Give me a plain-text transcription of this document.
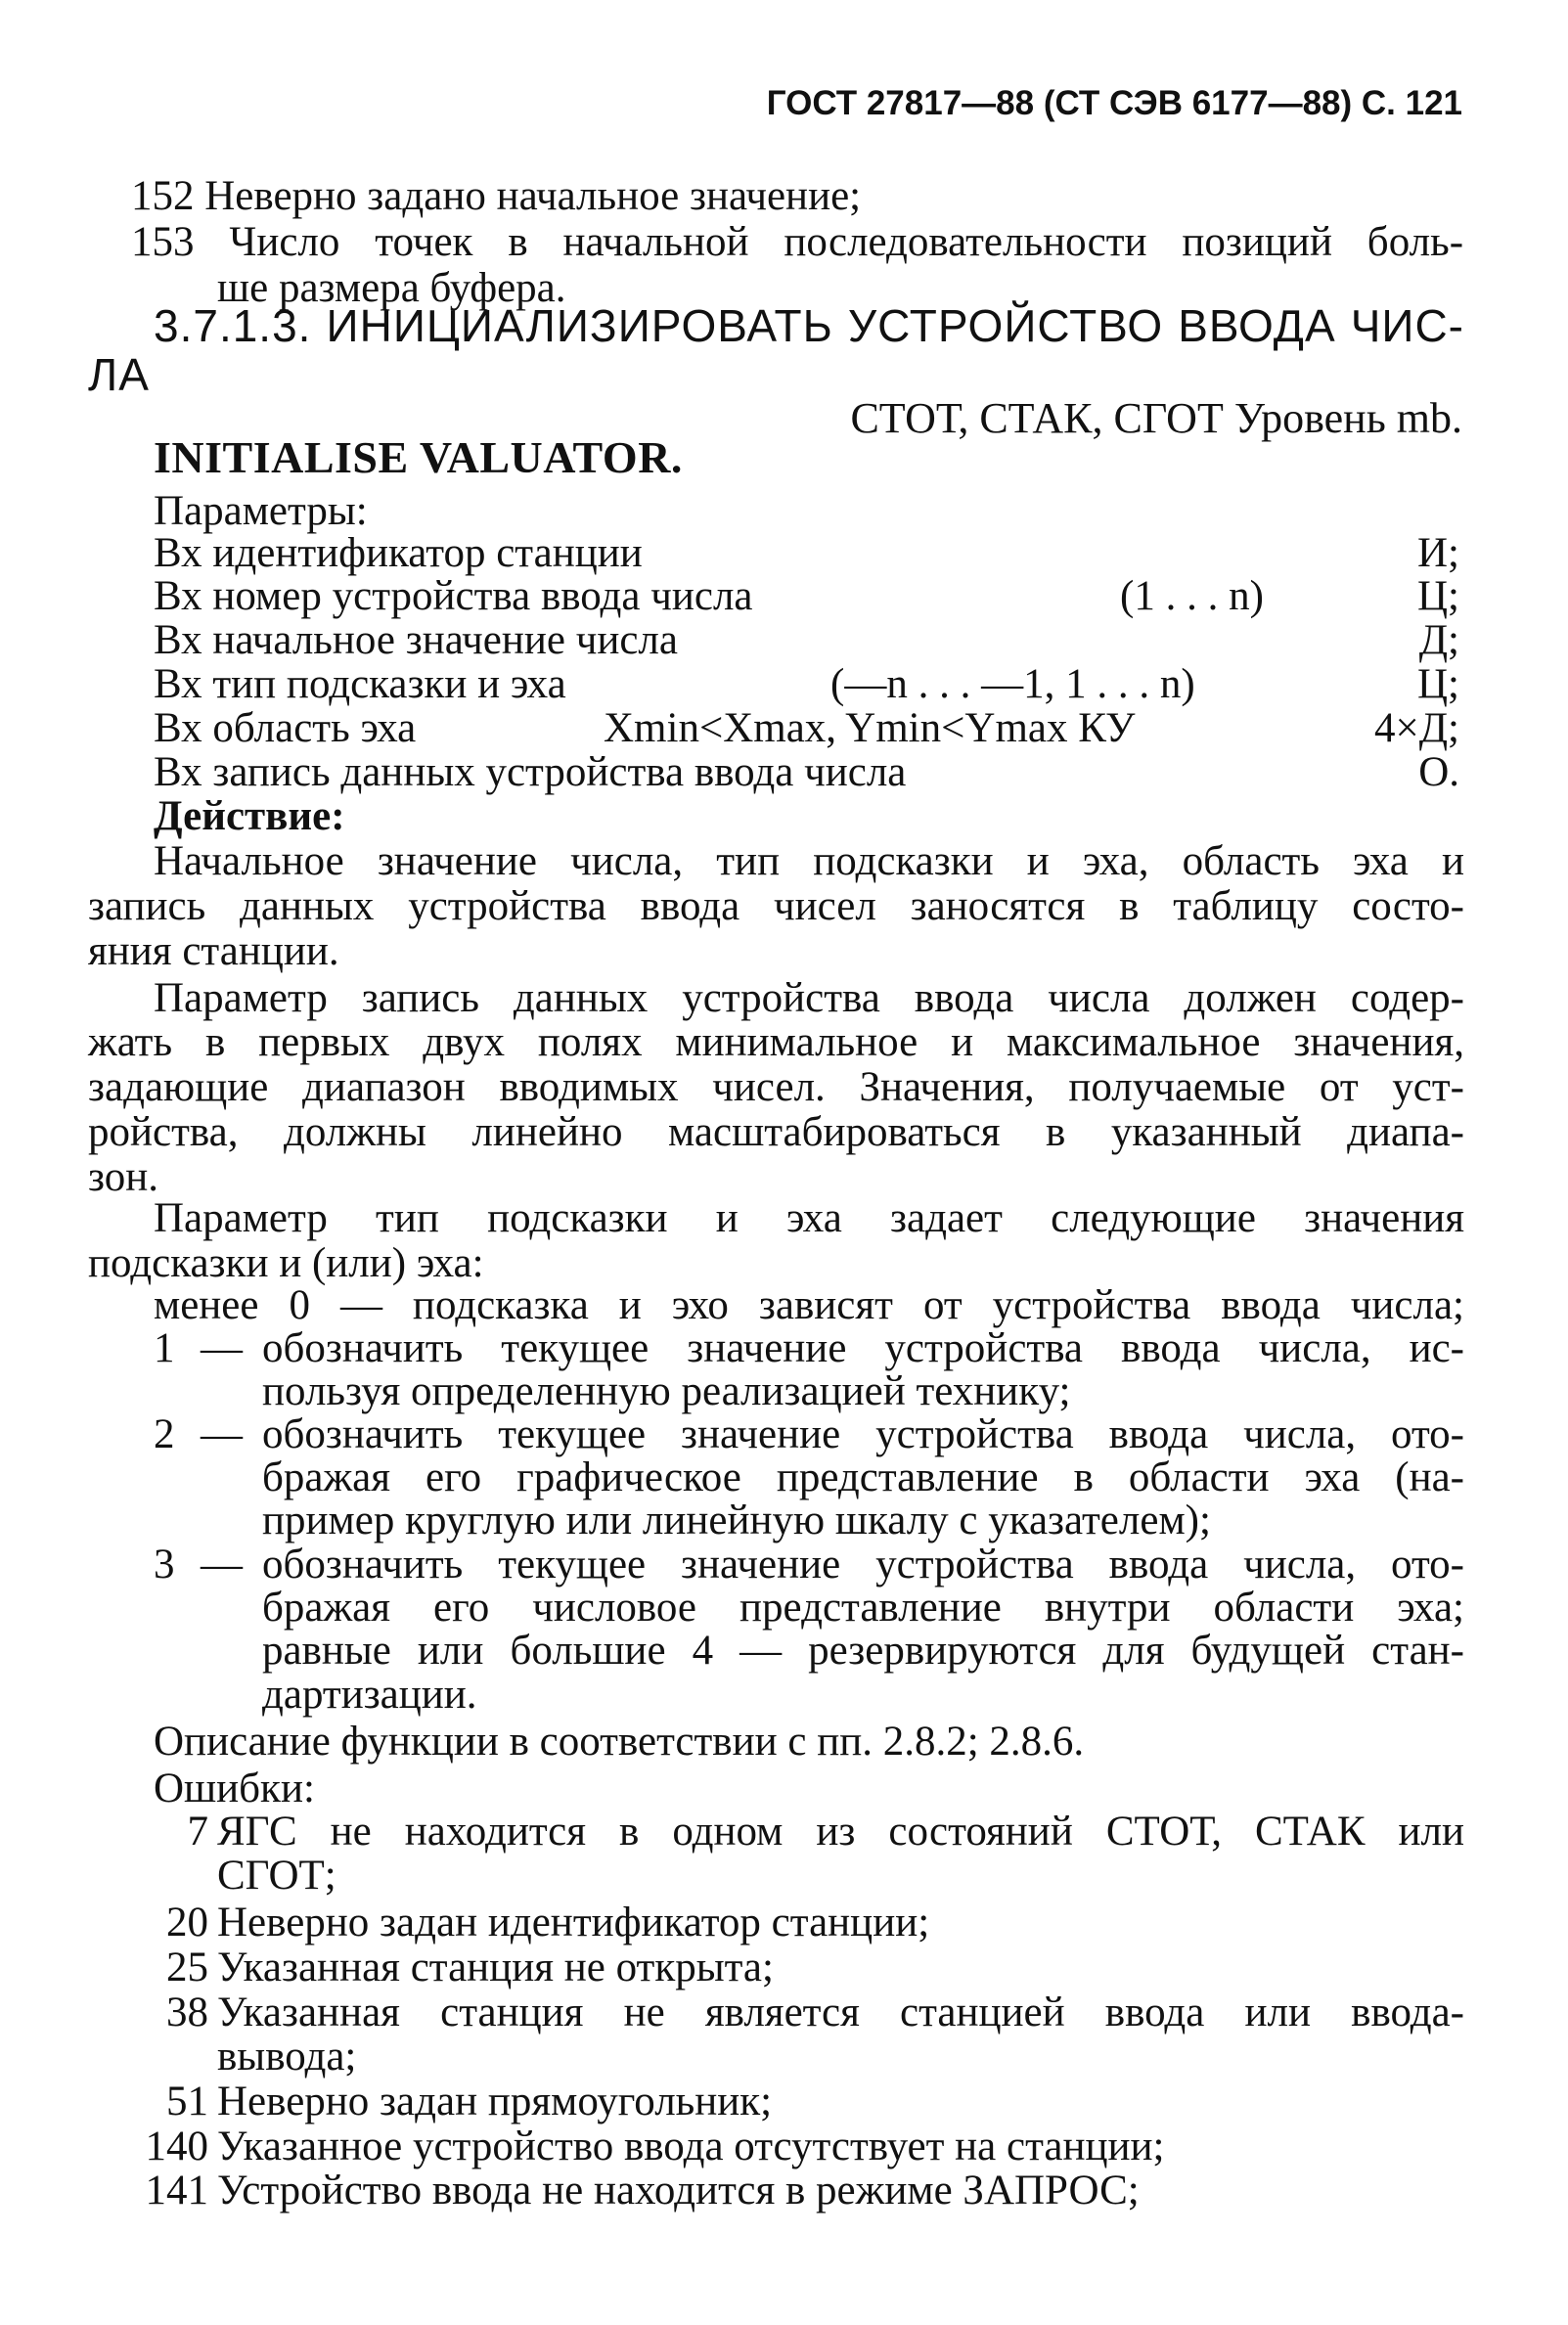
ГОСТ 27817—88 (СТ СЭВ 6177—88) С. 121
152 Неверно задано начальное значение;
153 Число точек в начальной последовательности позиций боль-
ше размера буфера.
3.7.1.3. ИНИЦИАЛИЗИРОВАТЬ УСТРОЙСТВО ВВОДА ЧИС-
ЛА
СТОТ, СТАК, СГОТ Уровень mb.
INITIALISE VALUATOR.
Параметры:
Вх идентификатор станции	И;
Вх номер устройства ввода числа	(1 . . . n)	Ц;
Вх начальное значение числа	Д;
Вх тип подсказки и эха	(—n . . . —1, 1 . . . n)	Ц;
Вх область эха	Xmin<Xmax, Ymin<Ymax КУ	4×Д;
Вх запись данных устройства ввода числа	О.
Действие:
Начальное значение числа, тип подсказки и эха, область эха и
запись данных устройства ввода чисел заносятся в таблицу состо-
яния станции.
Параметр запись данных устройства ввода числа должен содер-
жать в первых двух полях минимальное и максимальное значения,
задающие диапазон вводимых чисел. Значения, получаемые от уст-
ройства, должны линейно масштабироваться в указанный диапа-
зон.
Параметр тип подсказки и эха задает следующие значения
подсказки и (или) эха:
менее 0 — подсказка и эхо зависят от устройства ввода числа;
1 — обозначить текущее значение устройства ввода числа, ис-
пользуя определенную реализацией технику;
2 — обозначить текущее значение устройства ввода числа, ото-
бражая его графическое представление в области эха (на-
пример круглую или линейную шкалу с указателем);
3 — обозначить текущее значение устройства ввода числа, ото-
бражая его числовое представление внутри области эха;
равные или большие 4 — резервируются для будущей стан-
дартизации.
Описание функции в соответствии с пп. 2.8.2; 2.8.6.
Ошибки:
7 ЯГС не находится в одном из состояний СТОТ, СТАК или
СГОТ;
20 Неверно задан идентификатор станции;
25 Указанная станция не открыта;
38 Указанная станция не является станцией ввода или ввода-
вывода;
51 Неверно задан прямоугольник;
140 Указанное устройство ввода отсутствует на станции;
141 Устройство ввода не находится в режиме ЗАПРОС;
